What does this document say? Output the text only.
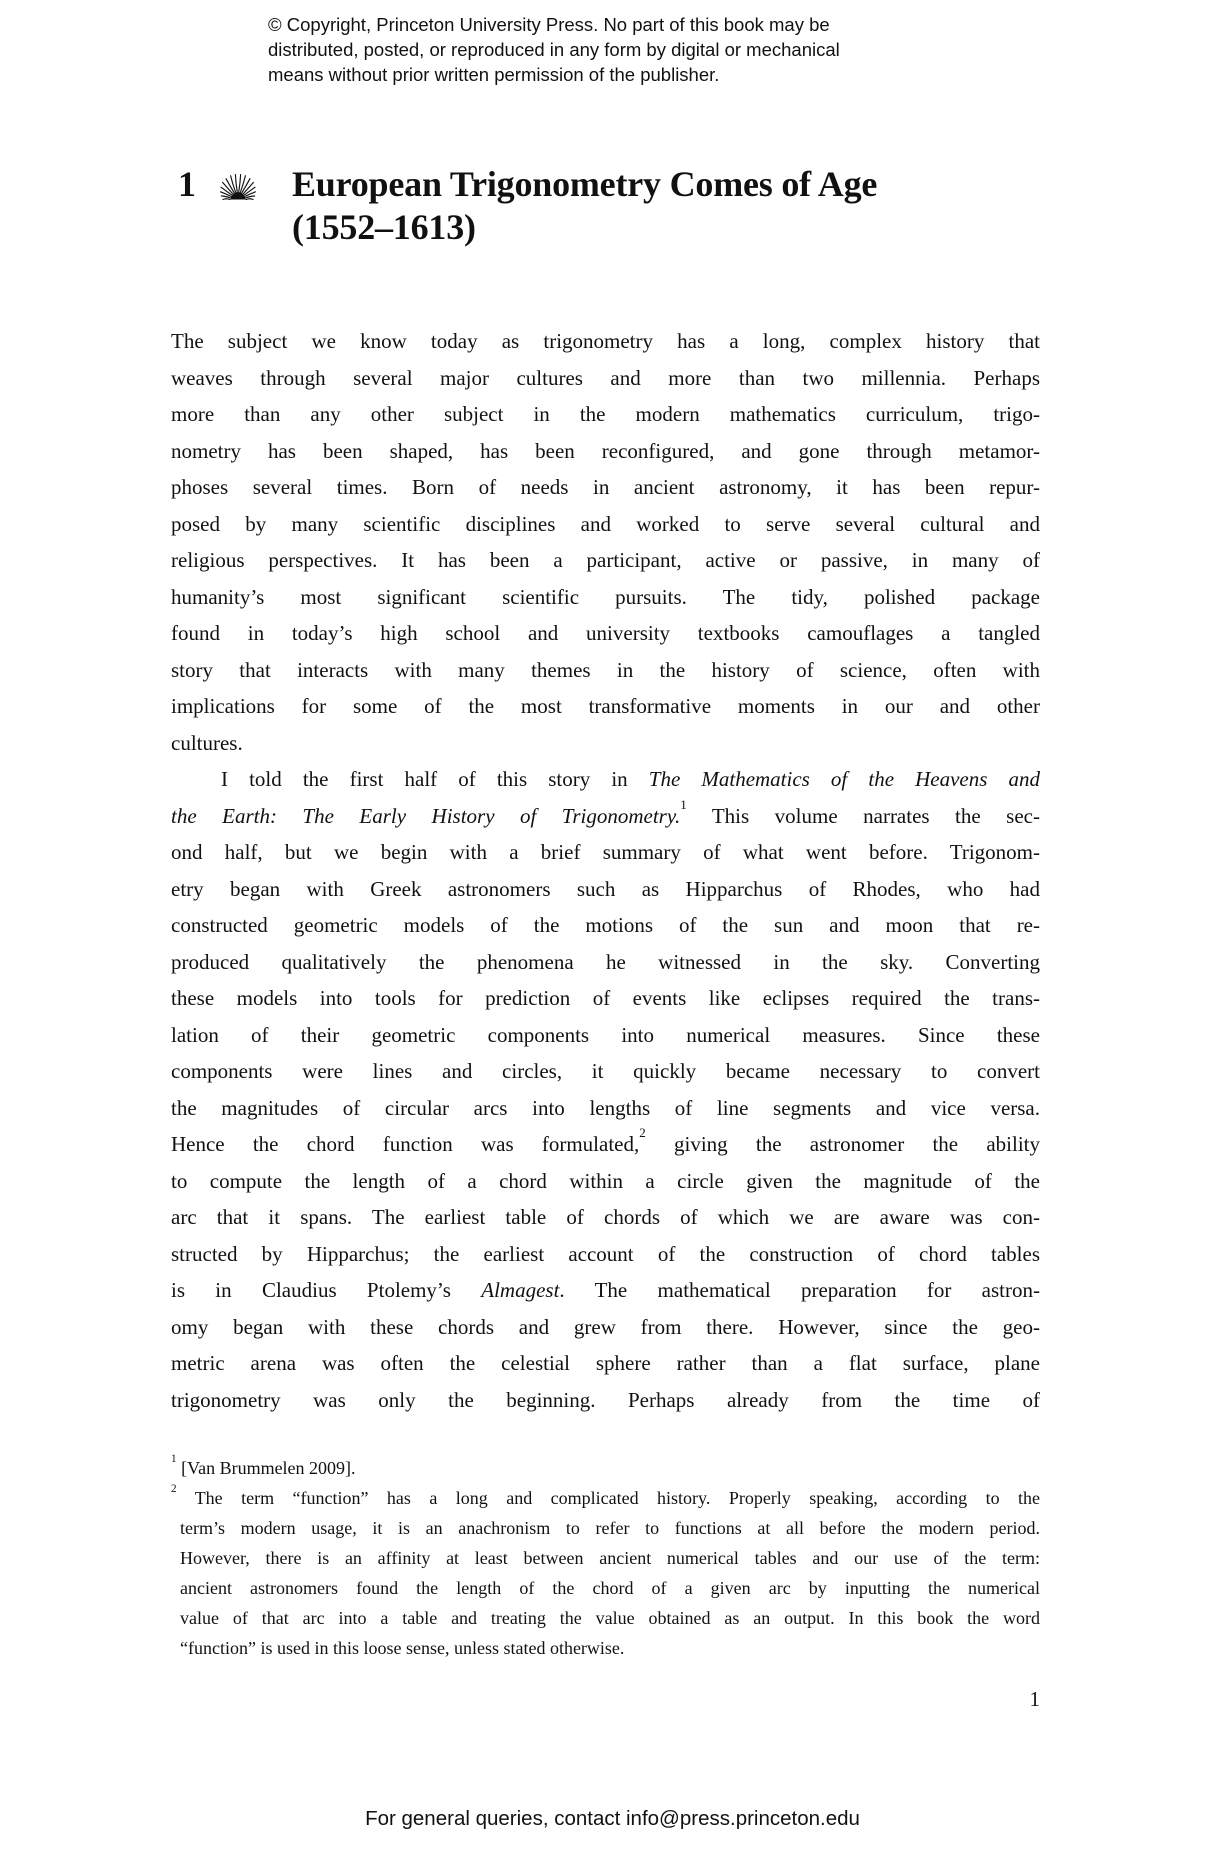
© Copyright, Princeton University Press. No part of this book may be
distributed, posted, or reproduced in any form by digital or mechanical
means without prior written permission of the publisher.
1	European Trigonometry Comes of Age
(1552–1613)
The subject we know today as trigonometry has a long, complex history that
weaves through several major cultures and more than two millennia. Perhaps
more than any other subject in the modern mathematics curriculum, trigo-
nometry has been shaped, has been reconfigured, and gone through metamor-
phoses several times. Born of needs in ancient astronomy, it has been repur-
posed by many scientific disciplines and worked to serve several cultural and
religious perspectives. It has been a participant, active or passive, in many of
humanity’s most significant scientific pursuits. The tidy, polished package
found in today’s high school and university textbooks camouflages a tangled
story that interacts with many themes in the history of science, often with
implications for some of the most transformative moments in our and other
cultures.
I told the first half of this story in The Mathematics of the Heavens and
the Earth: The Early History of Trigonometry.$^1$ This volume narrates the sec-
ond half, but we begin with a brief summary of what went before. Trigonom-
etry began with Greek astronomers such as Hipparchus of Rhodes, who had
constructed geometric models of the motions of the sun and moon that re-
produced qualitatively the phenomena he witnessed in the sky. Converting
these models into tools for prediction of events like eclipses required the trans-
lation of their geometric components into numerical measures. Since these
components were lines and circles, it quickly became necessary to convert
the magnitudes of circular arcs into lengths of line segments and vice versa.
Hence the chord function was formulated,$^2$ giving the astronomer the ability
to compute the length of a chord within a circle given the magnitude of the
arc that it spans. The earliest table of chords of which we are aware was con-
structed by Hipparchus; the earliest account of the construction of chord tables
is in Claudius Ptolemy’s Almagest. The mathematical preparation for astron-
omy began with these chords and grew from there. However, since the geo-
metric arena was often the celestial sphere rather than a flat surface, plane
trigonometry was only the beginning. Perhaps already from the time of
$^1$ [Van Brummelen 2009].
$^2$ The term “function” has a long and complicated history. Properly speaking, according to the
term’s modern usage, it is an anachronism to refer to functions at all before the modern period.
However, there is an affinity at least between ancient numerical tables and our use of the term:
ancient astronomers found the length of the chord of a given arc by inputting the numerical
value of that arc into a table and treating the value obtained as an output. In this book the word
“function” is used in this loose sense, unless stated otherwise.
1
For general queries, contact info@press.princeton.edu
